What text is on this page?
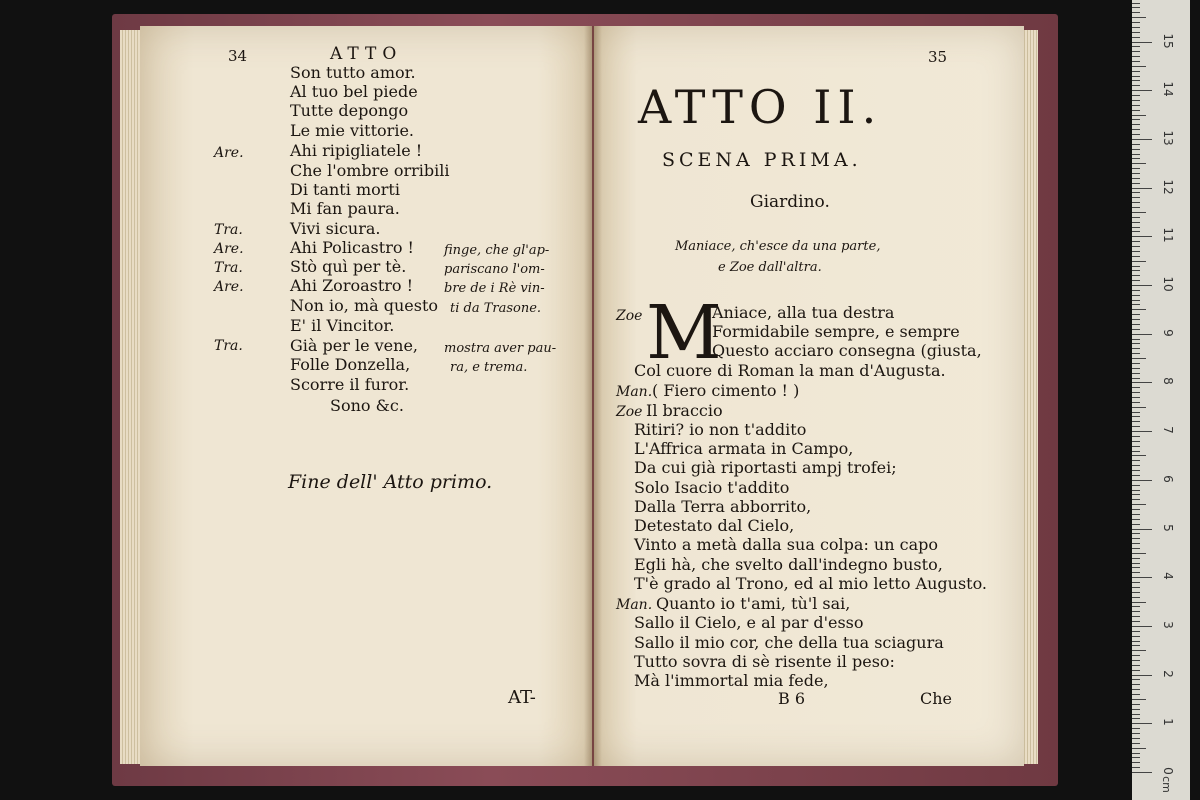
34	ATTO
Are.
Tra.
Are.
Tra.
Are.
Tra.
Son tutto amor.
Al tuo bel piede
Tutte depongo
Le mie vittorie.
Ahi ripigliatele !
Che l'ombre orribili
Di tanti morti
Mi fan paura.
Vivi sicura.
Ahi Policastro !
Stò quì per tè.
Ahi Zoroastro !
Non io, mà questo
E' il Vincitor.
Già per le vene,
Folle Donzella,
Scorre il furor.
Sono &c.
finge, che gl'ap-
pariscano l'om-
bre de i Rè vin-
ti da Trasone.
mostra aver pau-
ra, e trema.
Fine dell' Atto primo.
AT-
35
ATTO II.
SCENA PRIMA.
Giardino.
Maniace, ch'esce da una parte,
e Zoe dall'altra.
Zoe M
Aniace, alla tua destra
Formidabile sempre, e sempre
Questo acciaro consegna (giusta,
Col cuore di Roman la man d'Augusta.
Man. ( Fiero cimento ! )
Zoe Il braccio
Ritiri? io non t'addito
L'Affrica armata in Campo,
Da cui già riportasti ampj trofei;
Solo Isacio t'addito
Dalla Terra abborrito,
Detestato dal Cielo,
Vinto a metà dalla sua colpa: un capo
Egli hà, che svelto dall'indegno busto,
T'è grado al Trono, ed al mio letto Augusto.
Man. Quanto io t'ami, tù'l sai,
Sallo il Cielo, e al par d'esso
Sallo il mio cor, che della tua sciagura
Tutto sovra di sè risente il peso:
Mà l'immortal mia fede,
B 6	Che
0
1
2
3
4
5
6
7
8
9
10
11
12
13
14
15
cm
